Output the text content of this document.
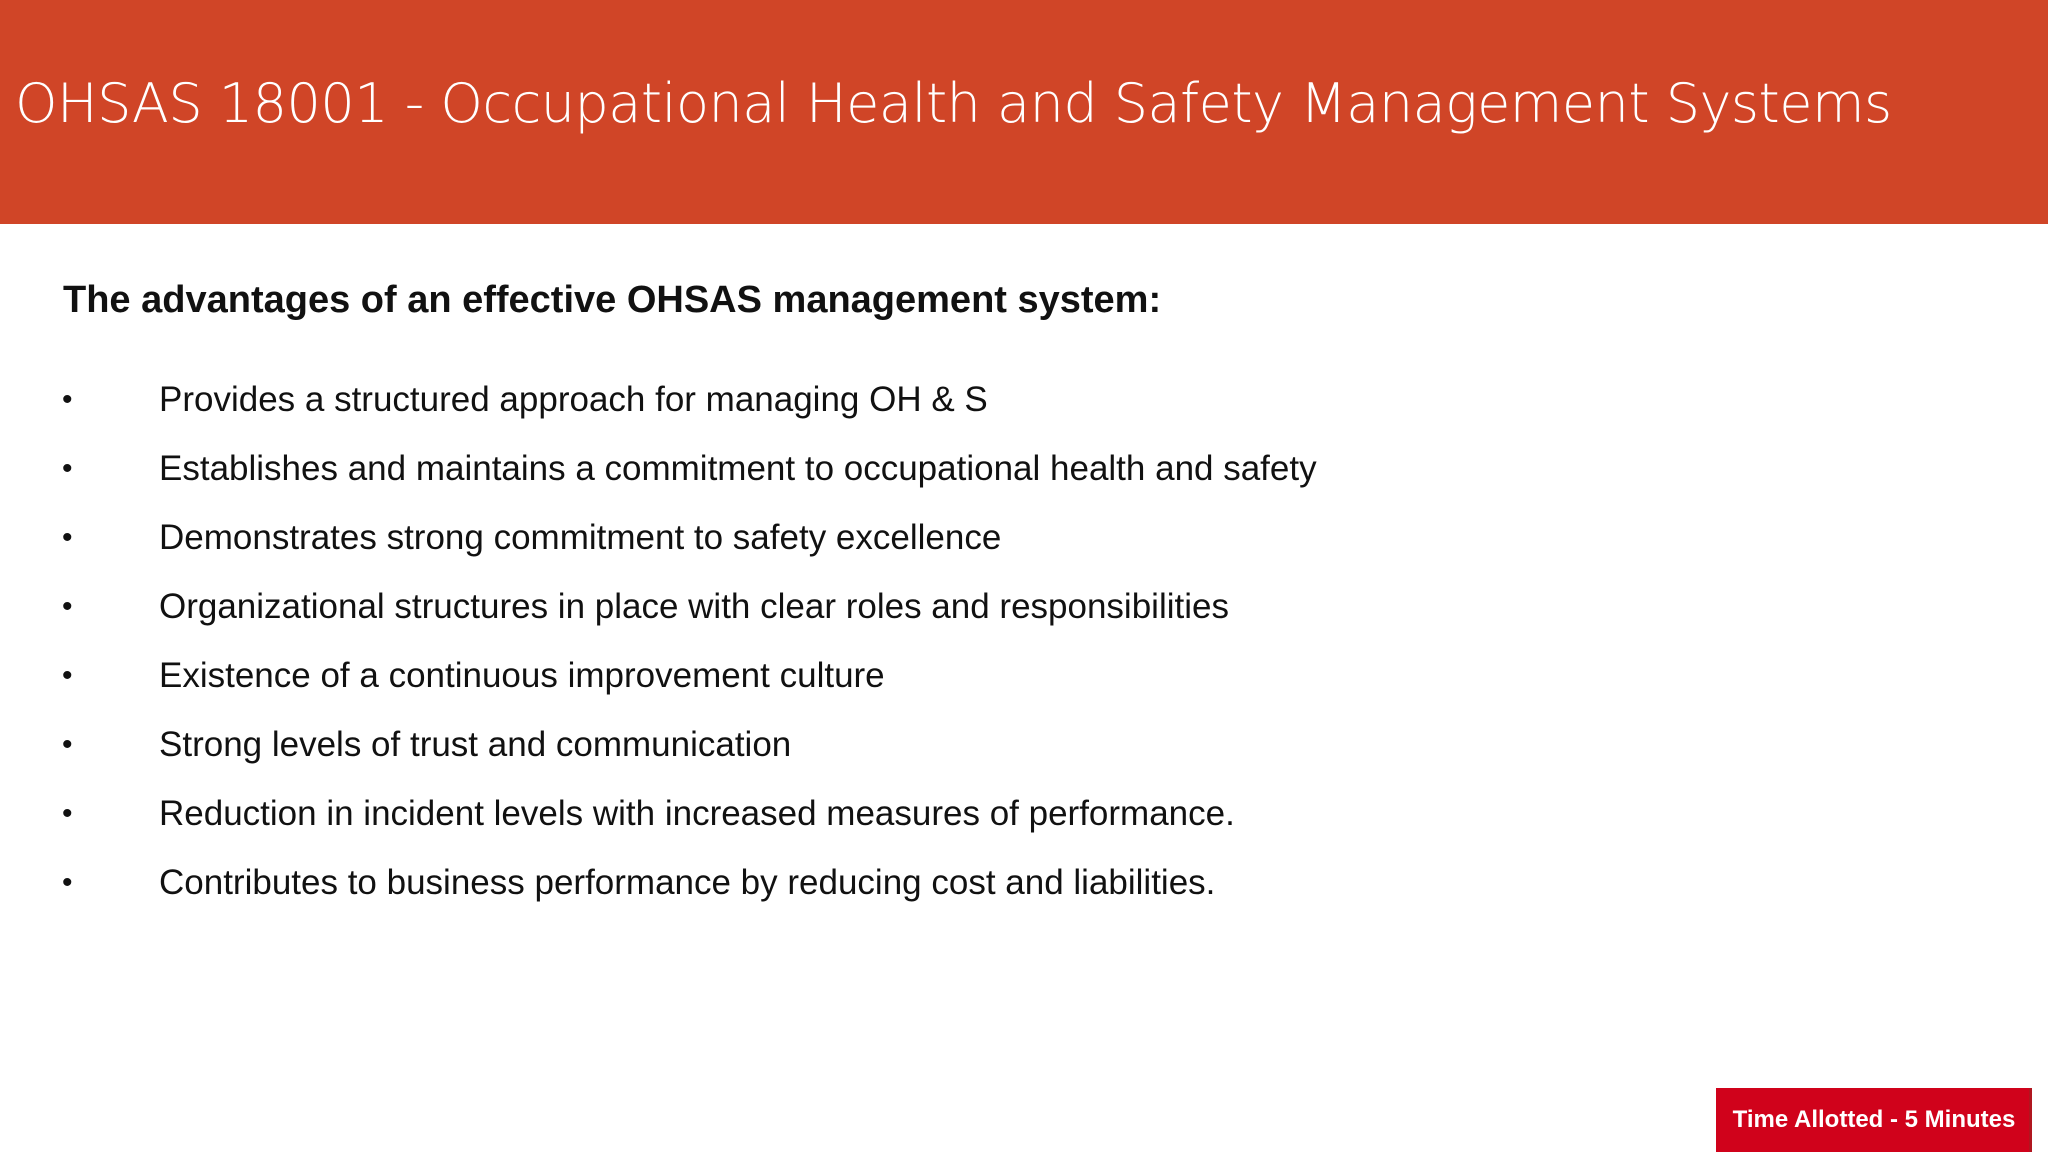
OHSAS 18001 - Occupational Health and Safety Management Systems
The advantages of an effective OHSAS management system:
• Provides a structured approach for managing OH & S
• Establishes and maintains a commitment to occupational health and safety
• Demonstrates strong commitment to safety excellence
• Organizational structures in place with clear roles and responsibilities
• Existence of a continuous improvement culture
• Strong levels of trust and communication
• Reduction in incident levels with increased measures of performance.
• Contributes to business performance by reducing cost and liabilities.
Time Allotted - 5 Minutes
